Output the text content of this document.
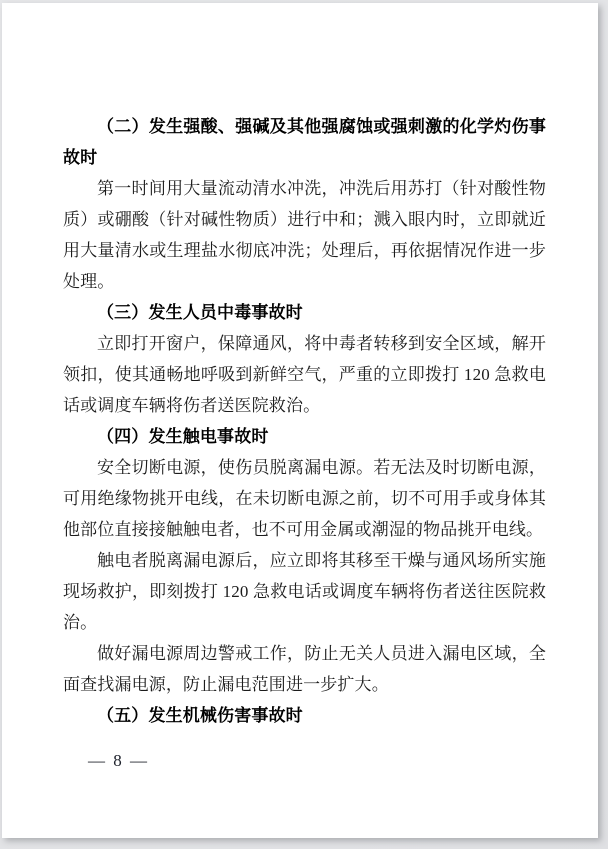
（二）发生强酸、强碱及其他强腐蚀或强刺激的化学灼伤事故时

第一时间用大量流动清水冲洗，冲洗后用苏打（针对酸性物质）或硼酸（针对碱性物质）进行中和；溅入眼内时，立即就近用大量清水或生理盐水彻底冲洗；处理后，再依据情况作进一步处理。

（三）发生人员中毒事故时

立即打开窗户，保障通风，将中毒者转移到安全区域，解开领扣，使其通畅地呼吸到新鲜空气，严重的立即拨打 120 急救电话或调度车辆将伤者送医院救治。

（四）发生触电事故时

安全切断电源，使伤员脱离漏电源。若无法及时切断电源，可用绝缘物挑开电线，在未切断电源之前，切不可用手或身体其他部位直接接触触电者，也不可用金属或潮湿的物品挑开电线。

触电者脱离漏电源后，应立即将其移至干燥与通风场所实施现场救护，即刻拨打 120 急救电话或调度车辆将伤者送往医院救治。

做好漏电源周边警戒工作，防止无关人员进入漏电区域，全面查找漏电源，防止漏电范围进一步扩大。

（五）发生机械伤害事故时

— 8 —
